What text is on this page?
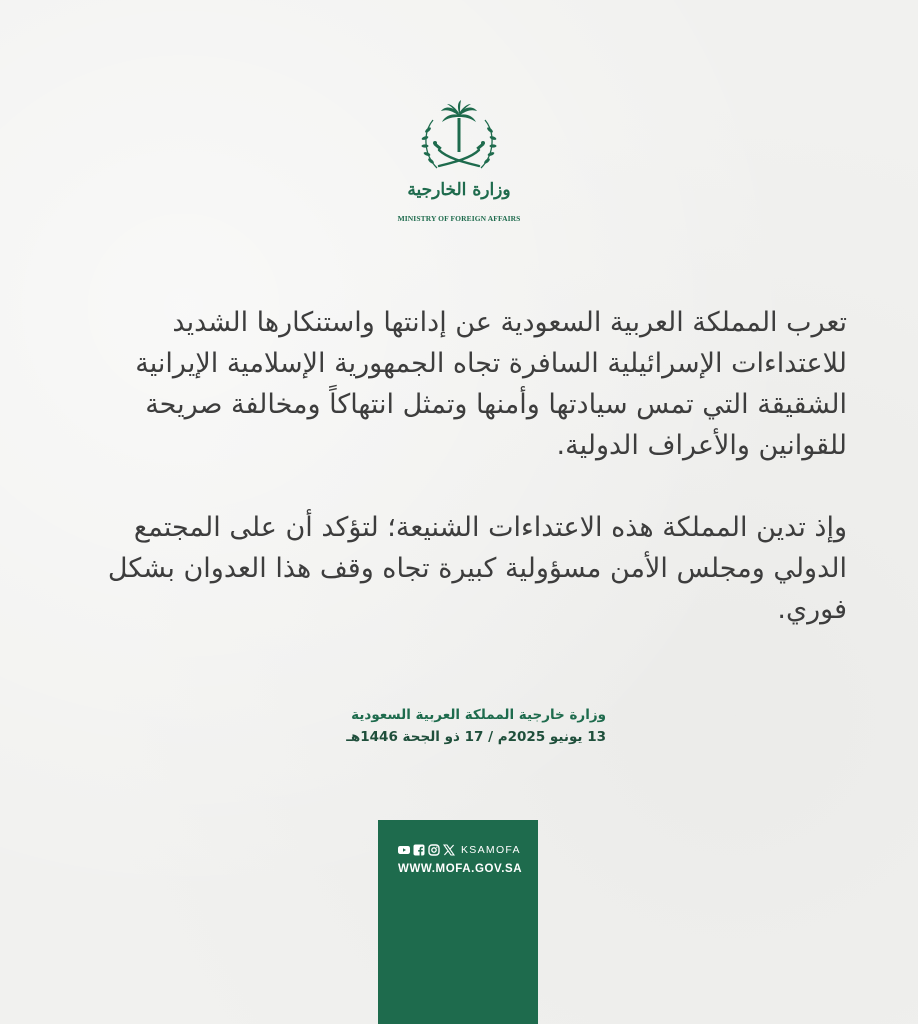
وزارة الخارجية
MINISTRY OF FOREIGN AFFAIRS

تعرب المملكة العربية السعودية عن إدانتها واستنكارها الشديد للاعتداءات الإسرائيلية السافرة تجاه الجمهورية الإسلامية الإيرانية الشقيقة التي تمس سيادتها وأمنها وتمثل انتهاكاً ومخالفة صريحة للقوانين والأعراف الدولية.

وإذ تدين المملكة هذه الاعتداءات الشنيعة؛ لتؤكد أن على المجتمع الدولي ومجلس الأمن مسؤولية كبيرة تجاه وقف هذا العدوان بشكل فوري.

وزارة خارجية المملكة العربية السعودية
13 يونيو 2025م / 17 ذو الجحة 1446هـ
KSAMOFA
WWW.MOFA.GOV.SA
